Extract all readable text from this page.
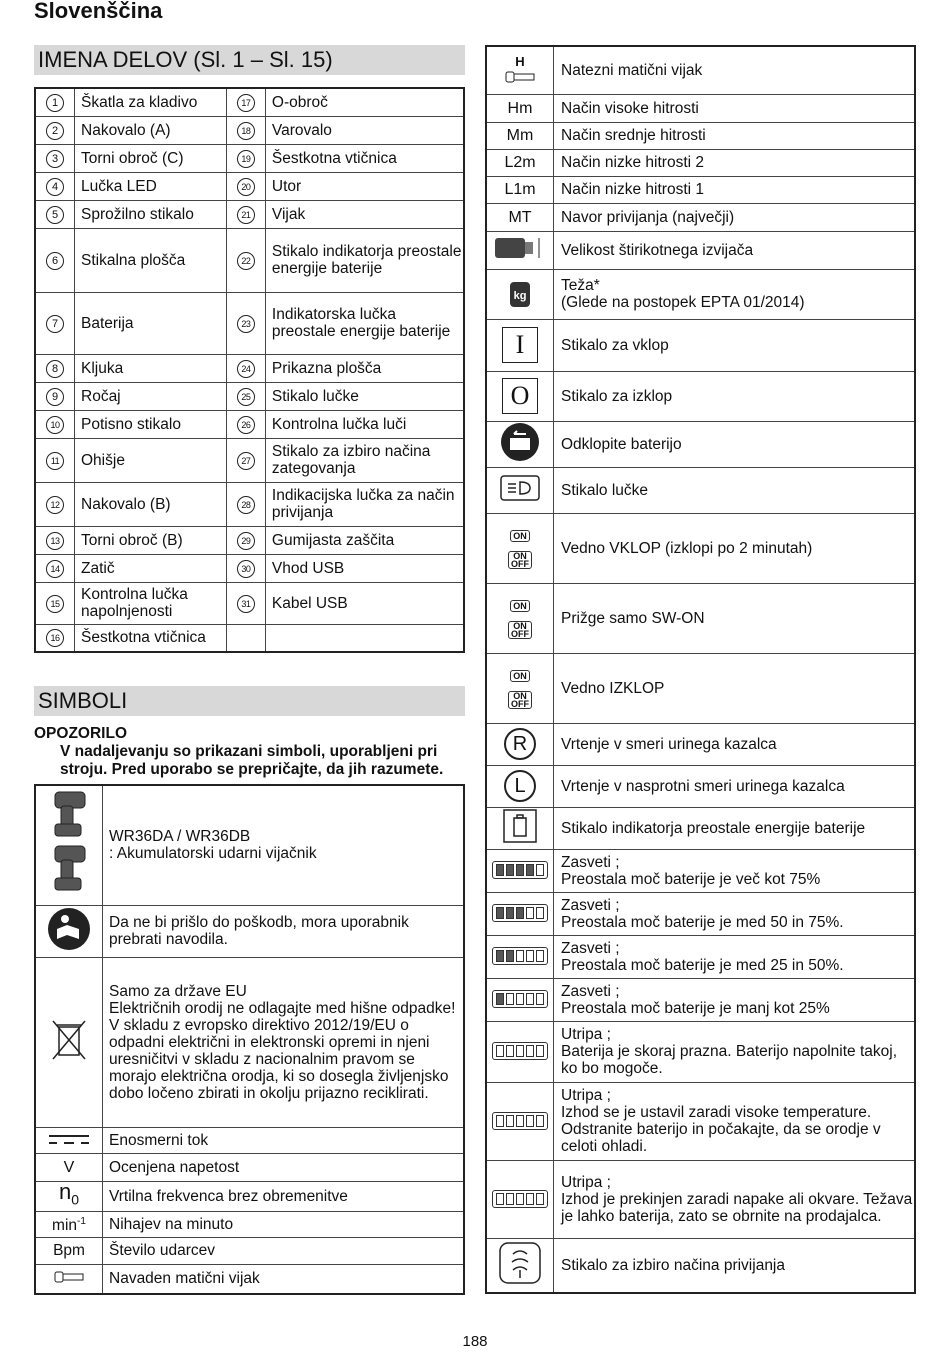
Slovenščina
IMENA DELOV (Sl. 1 – Sl. 15)
1	Škatla za kladivo	17	O-obroč
2	Nakovalo (A)	18	Varovalo
3	Torni obroč (C)	19	Šestkotna vtičnica
4	Lučka LED	20	Utor
5	Sprožilno stikalo	21	Vijak
6	Stikalna plošča	22	Stikalo indikatorja preostale energije baterije
7	Baterija	23	Indikatorska lučka preostale energije baterije
8	Kljuka	24	Prikazna plošča
9	Ročaj	25	Stikalo lučke
10	Potisno stikalo	26	Kontrolna lučka luči
11	Ohišje	27	Stikalo za izbiro načina zategovanja
12	Nakovalo (B)	28	Indikacijska lučka za način privijanja
13	Torni obroč (B)	29	Gumijasta zaščita
14	Zatič	30	Vhod USB
15	Kontrolna lučka napolnjenosti	31	Kabel USB
16	Šestkotna vtičnica		
SIMBOLI

OPOZORILO

V nadaljevanju so prikazani simboli, uporabljeni pri stroju. Pred uporabo se prepričajte, da jih razumete.

WR36DA / WR36DB
: Akumulatorski udarni vijačnik

	Da ne bi prišlo do poškodb, mora uporabnik prebrati navodila.
	Samo za države EU
Električnih orodij ne odlagajte med hišne odpadke!
V skladu z evropsko direktivo 2012/19/EU o odpadni električni in elektronski opremi in njeni uresničitvi v skladu z nacionalnim pravom se morajo električna orodja, ki so dosegla življenjsko dobo ločeno zbirati in okolju prijazno reciklirati.
	Enosmerni tok
V	Ocenjena napetost
$n_0$	Vrtilna frekvenca brez obremenitve
$\min^{-1}$	Nihajev na minuto
Bpm	Število udarcev
	Navaden matični vijak
H	Natezni matični vijak
Hm	Način visoke hitrosti
Mm	Način srednje hitrosti
L2m	Način nizke hitrosti 2
L1m	Način nizke hitrosti 1
MT	Navor privijanja (največji)
	Velikost štirikotnega izvijača
kg	Teža*
(Glede na postopek EPTA 01/2014)
I	Stikalo za vklop
O	Stikalo za izklop
	Odklopite baterijo
	Stikalo lučke

ON
ON
OFF	Vedno VKLOP (izklopi po 2 minutah)

ON
ON
OFF	Prižge samo SW-ON

ON
ON
OFF	Vedno IZKLOP
R	Vrtenje v smeri urinega kazalca
L	Vrtenje v nasprotni smeri urinega kazalca
	Stikalo indikatorja preostale energije baterije

	Zasveti ;
Preostala moč baterije je več kot 75%

	Zasveti ;
Preostala moč baterije je med 50 in 75%.

	Zasveti ;
Preostala moč baterije je med 25 in 50%.

	Zasveti ;
Preostala moč baterije je manj kot 25%

	Utripa ;
Baterija je skoraj prazna. Baterijo napolnite takoj, ko bo mogoče.

	Utripa ;
Izhod se je ustavil zaradi visoke temperature. Odstranite baterijo in počakajte, da se orodje v celoti ohladi.

	Utripa ;
Izhod je prekinjen zaradi napake ali okvare. Težava je lahko baterija, zato se obrnite na prodajalca.
	Stikalo za izbiro načina privijanja
188
